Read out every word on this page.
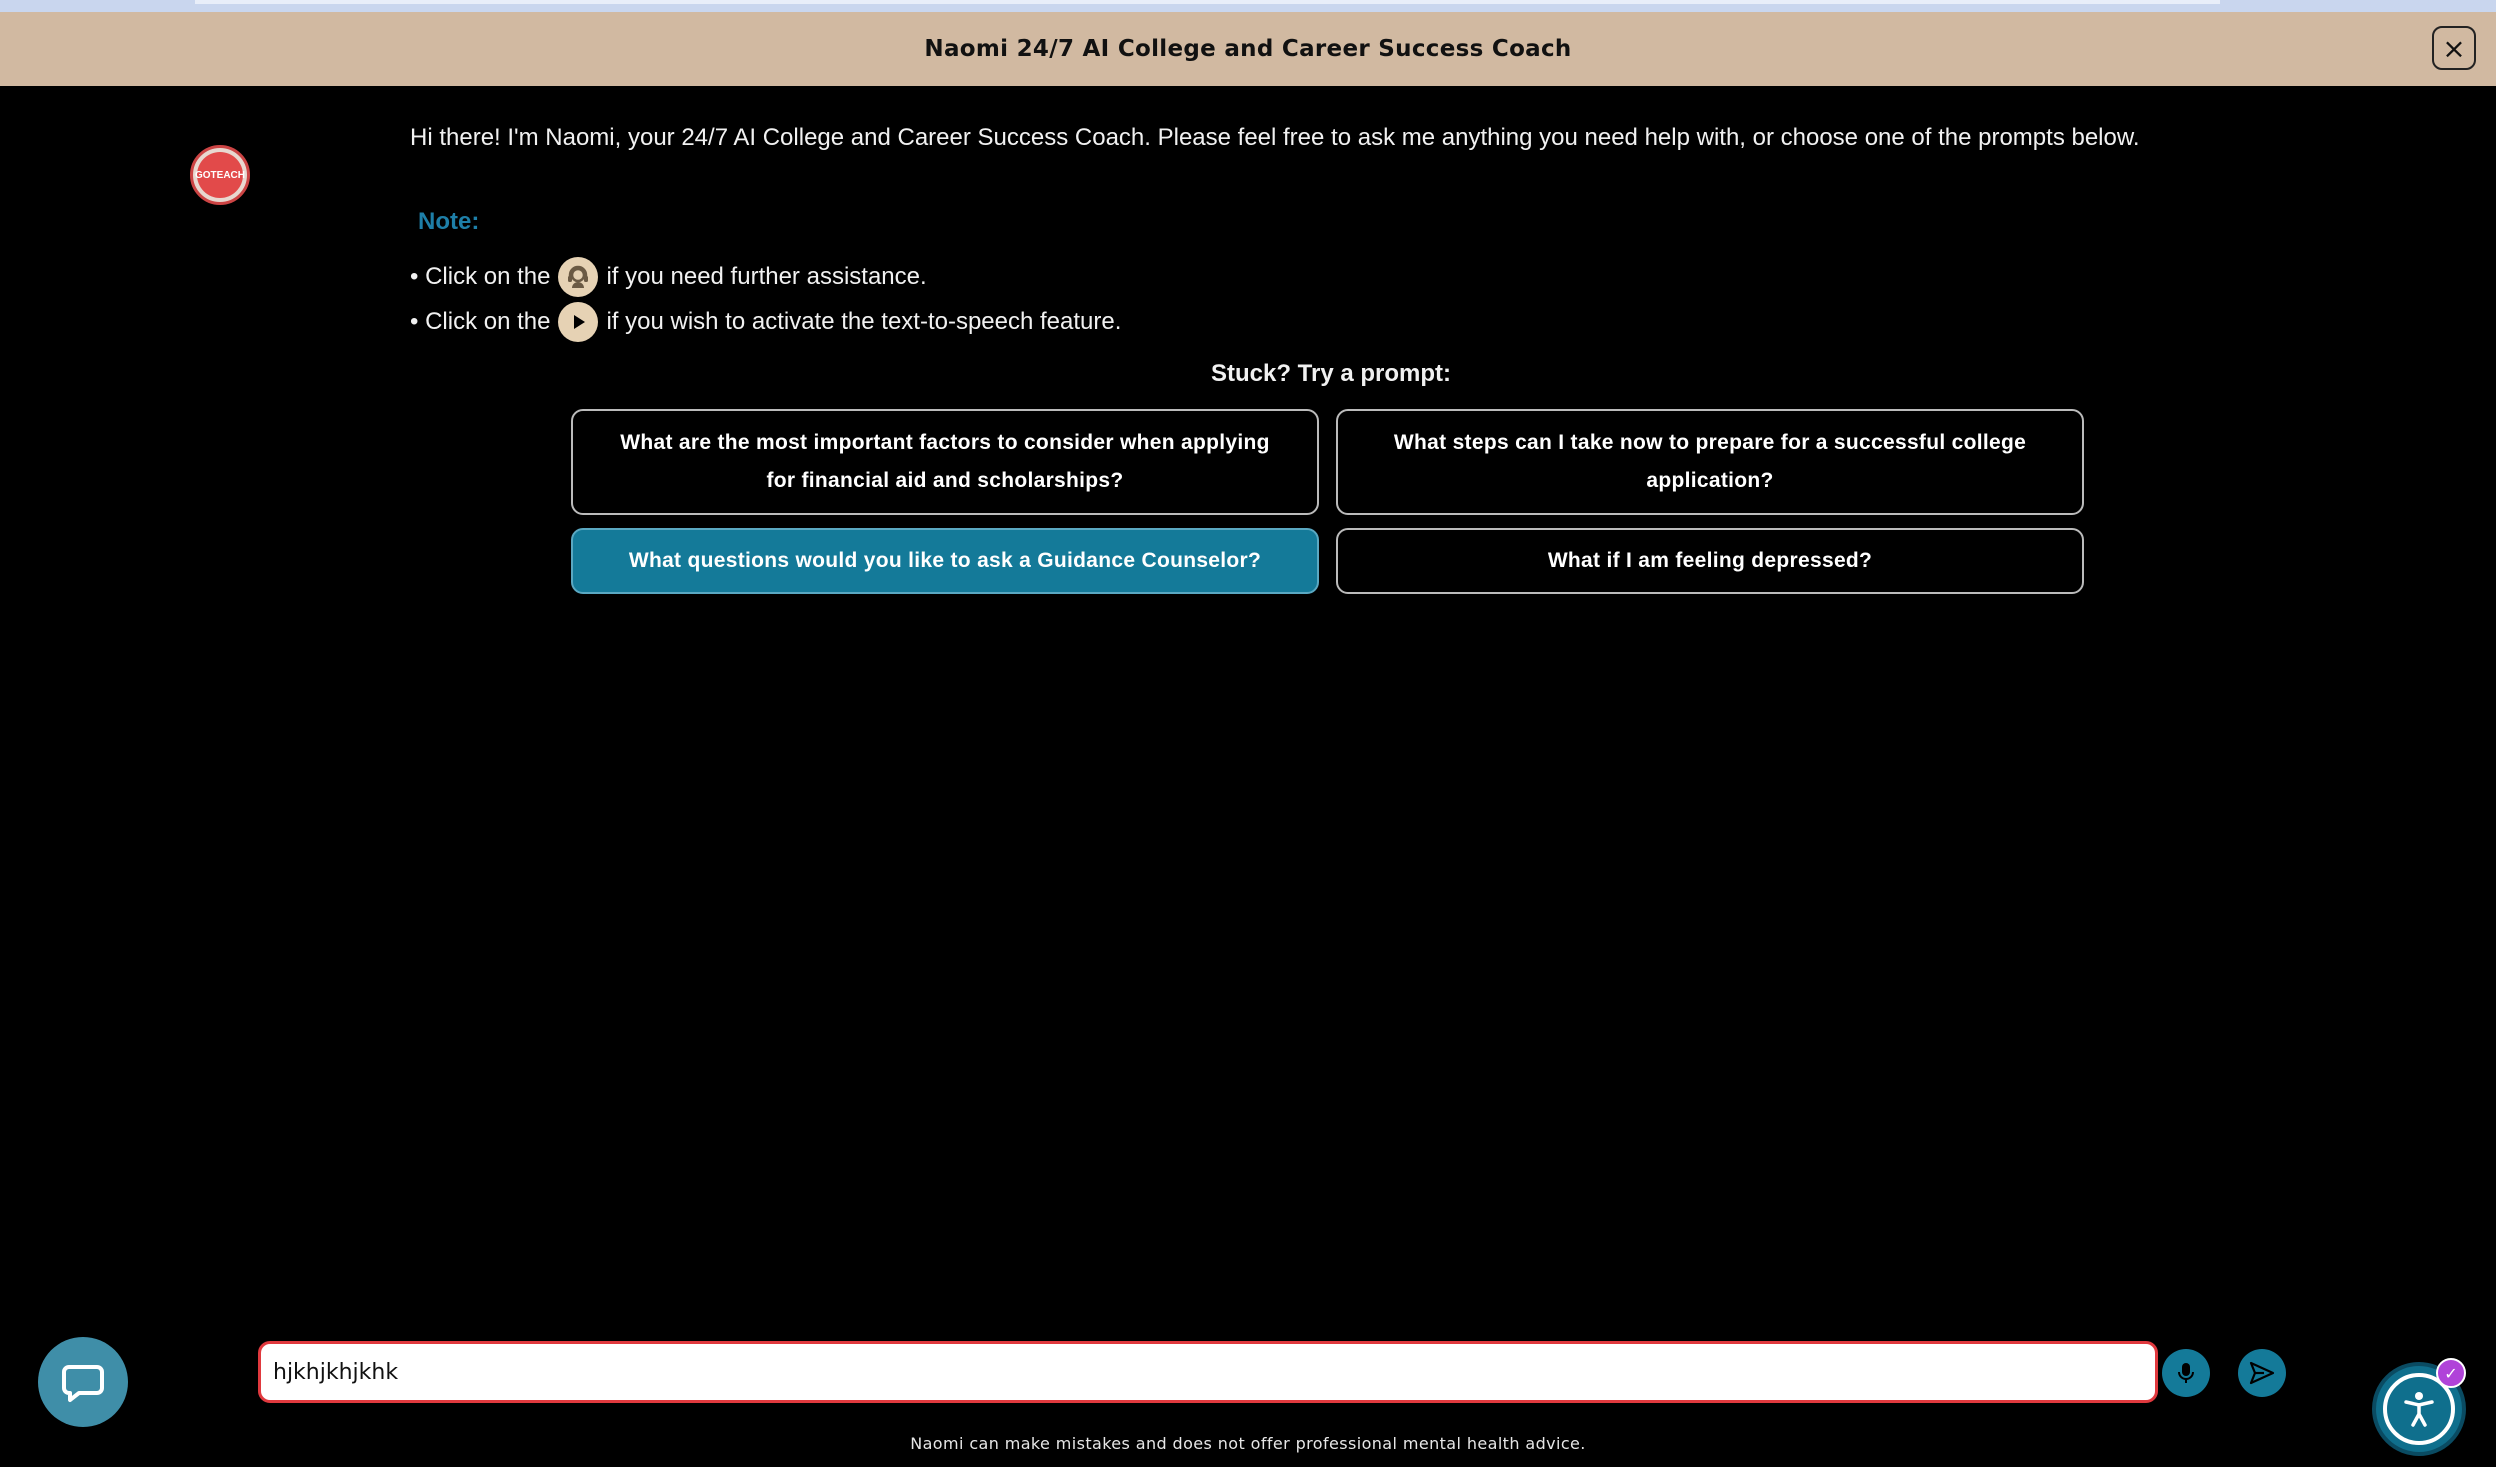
Naomi 24/7 AI College and Career Success Coach	×
GOTEACH
Hi there! I'm Naomi, your 24/7 AI College and Career Success Coach. Please feel free to ask me anything you need help with, or choose one of the prompts below.
Note:
• Click on the if you need further assistance.
• Click on the if you wish to activate the text-to-speech feature.
Stuck? Try a prompt:
What are the most important factors to consider when applying for financial aid and scholarships?
What steps can I take now to prepare for a successful college application?
What questions would you like to ask a Guidance Counselor?	What if I am feeling depressed?
hjkhjkhjkhk
✓
Naomi can make mistakes and does not offer professional mental health advice.
